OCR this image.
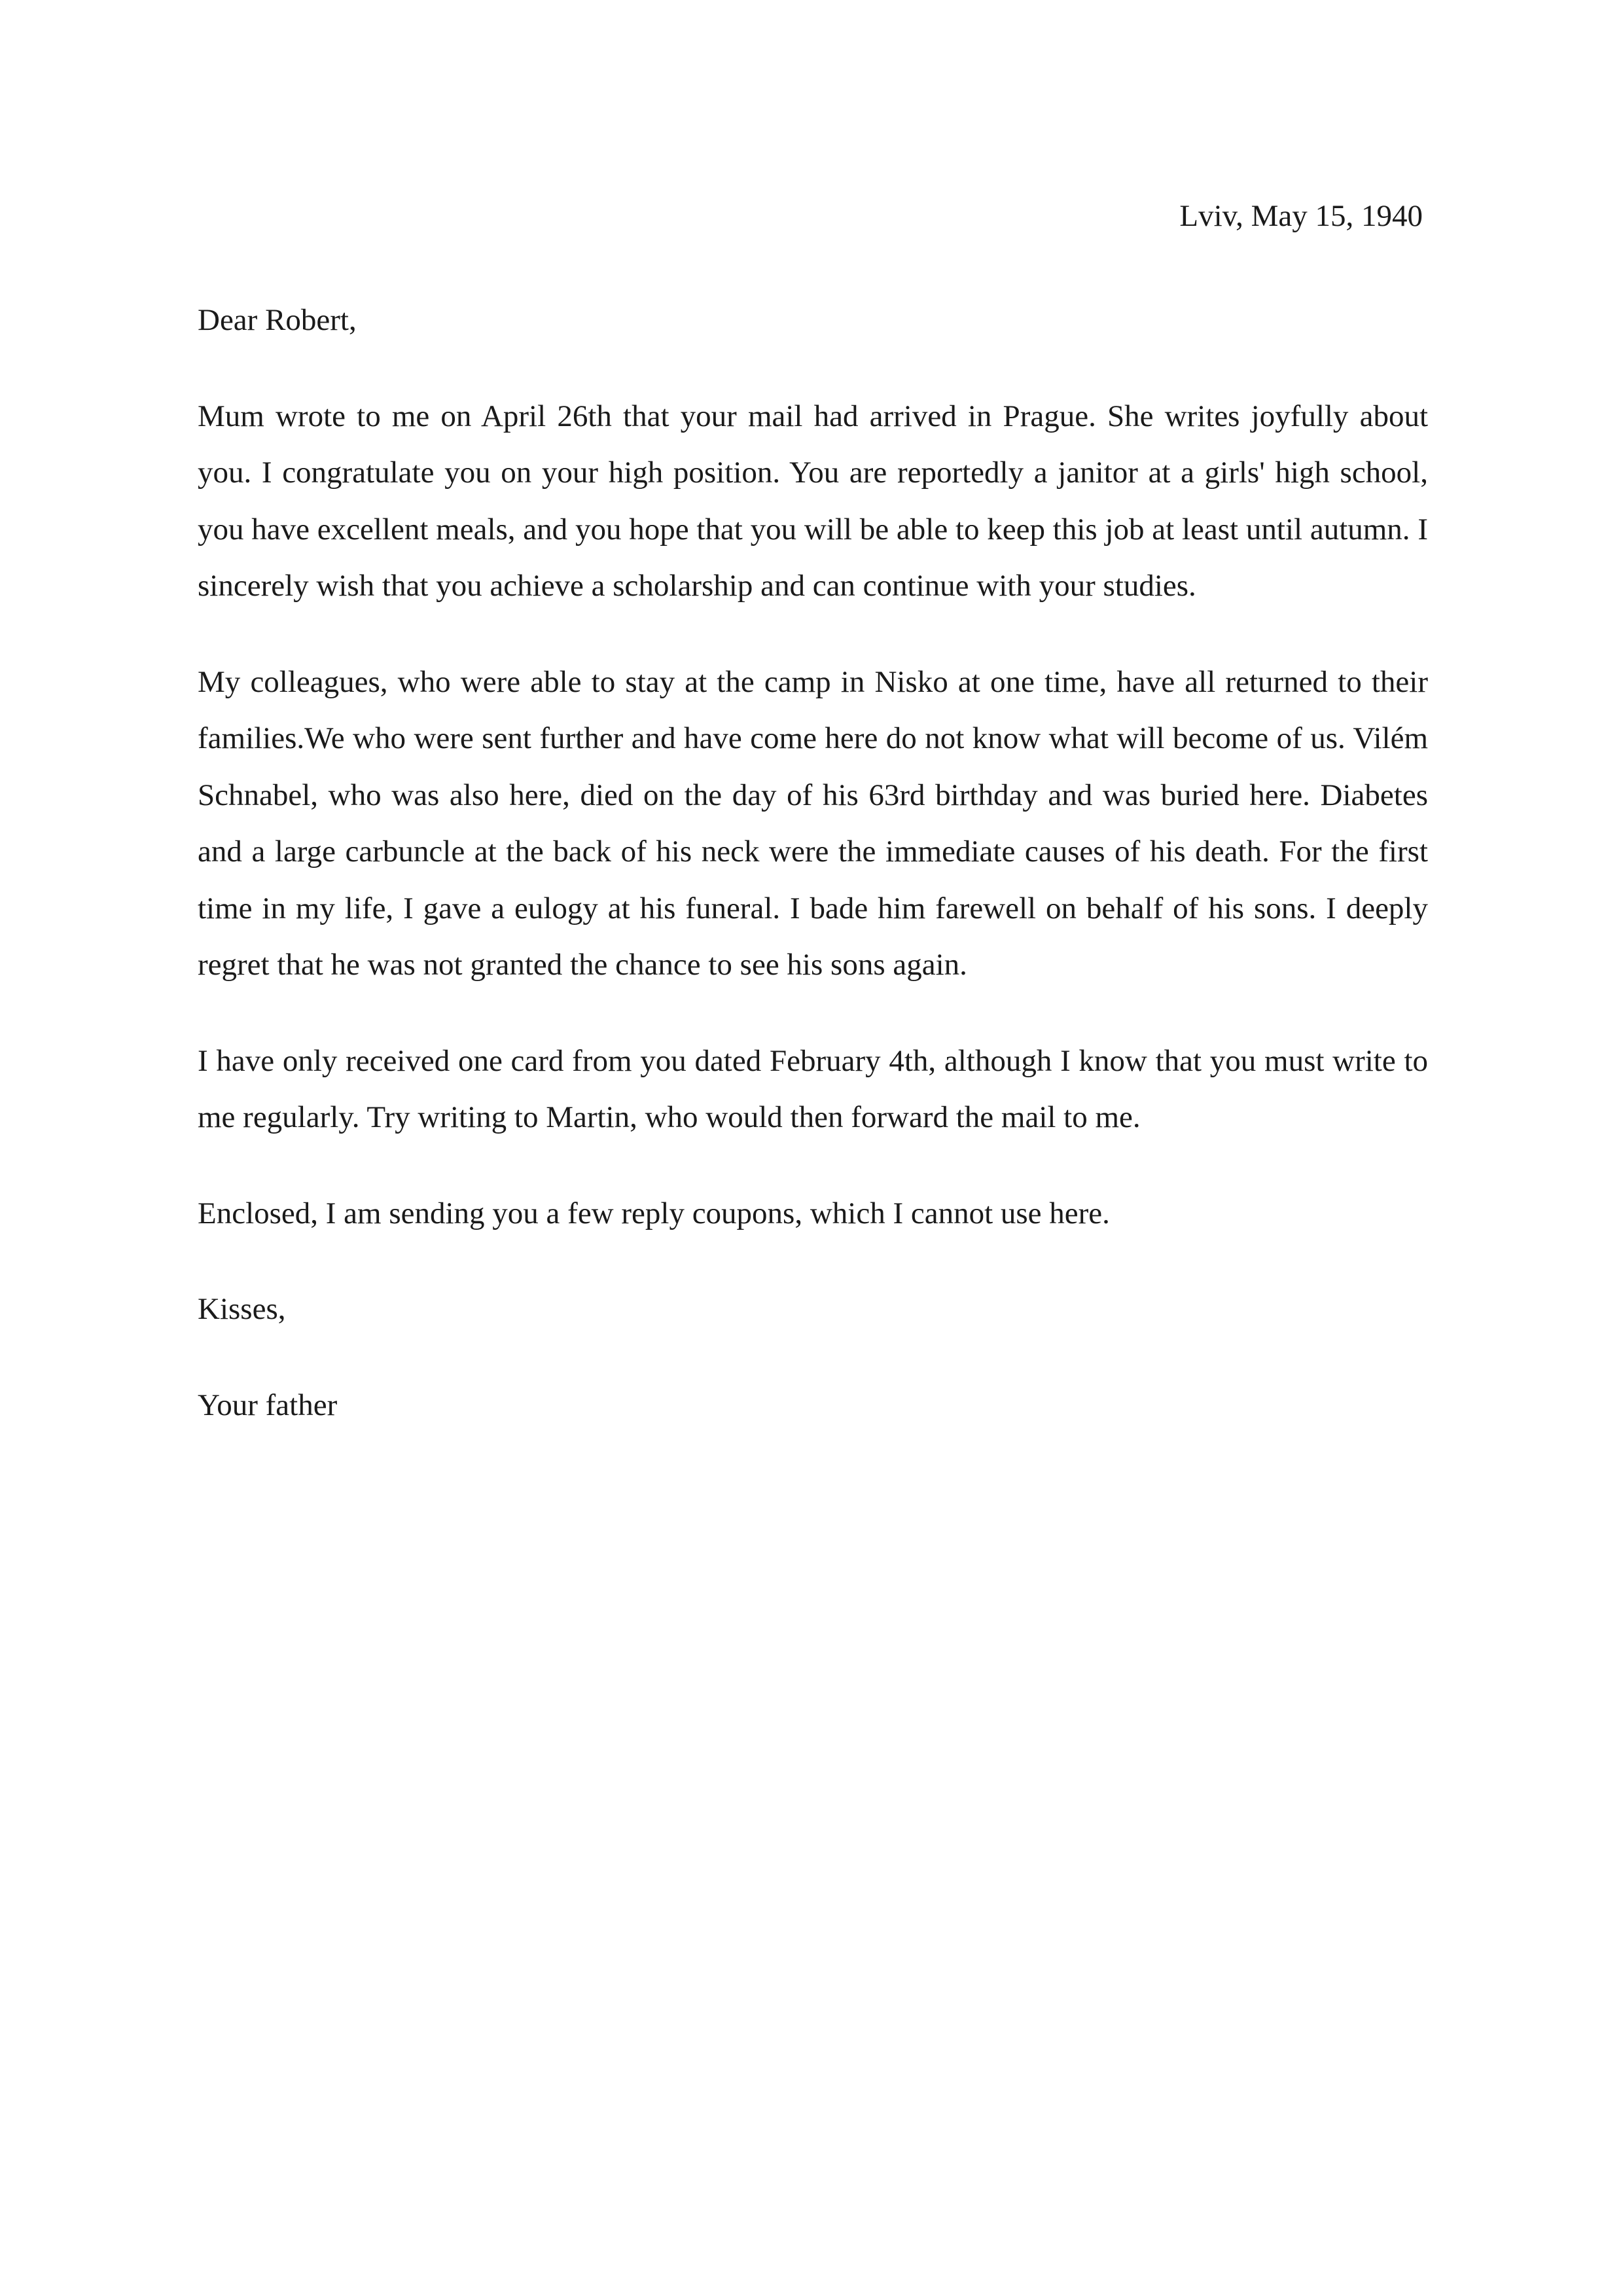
Lviv, May 15, 1940

Dear Robert,

Mum wrote to me on April 26th that your mail had arrived in Prague. She writes joyfully about you. I congratulate you on your high position. You are reportedly a janitor at a girls' high school, you have excellent meals, and you hope that you will be able to keep this job at least until autumn. I sincerely wish that you achieve a scholarship and can continue with your studies.

My colleagues, who were able to stay at the camp in Nisko at one time, have all returned to their families.We who were sent further and have come here do not know what will become of us. Vilém Schnabel, who was also here, died on the day of his 63rd birthday and was buried here. Diabetes and a large carbuncle at the back of his neck were the immediate causes of his death. For the first time in my life, I gave a eulogy at his funeral. I bade him farewell on behalf of his sons. I deeply regret that he was not granted the chance to see his sons again.

I have only received one card from you dated February 4th, although I know that you must write to me regularly. Try writing to Martin, who would then forward the mail to me.

Enclosed, I am sending you a few reply coupons, which I cannot use here.

Kisses,

Your father
